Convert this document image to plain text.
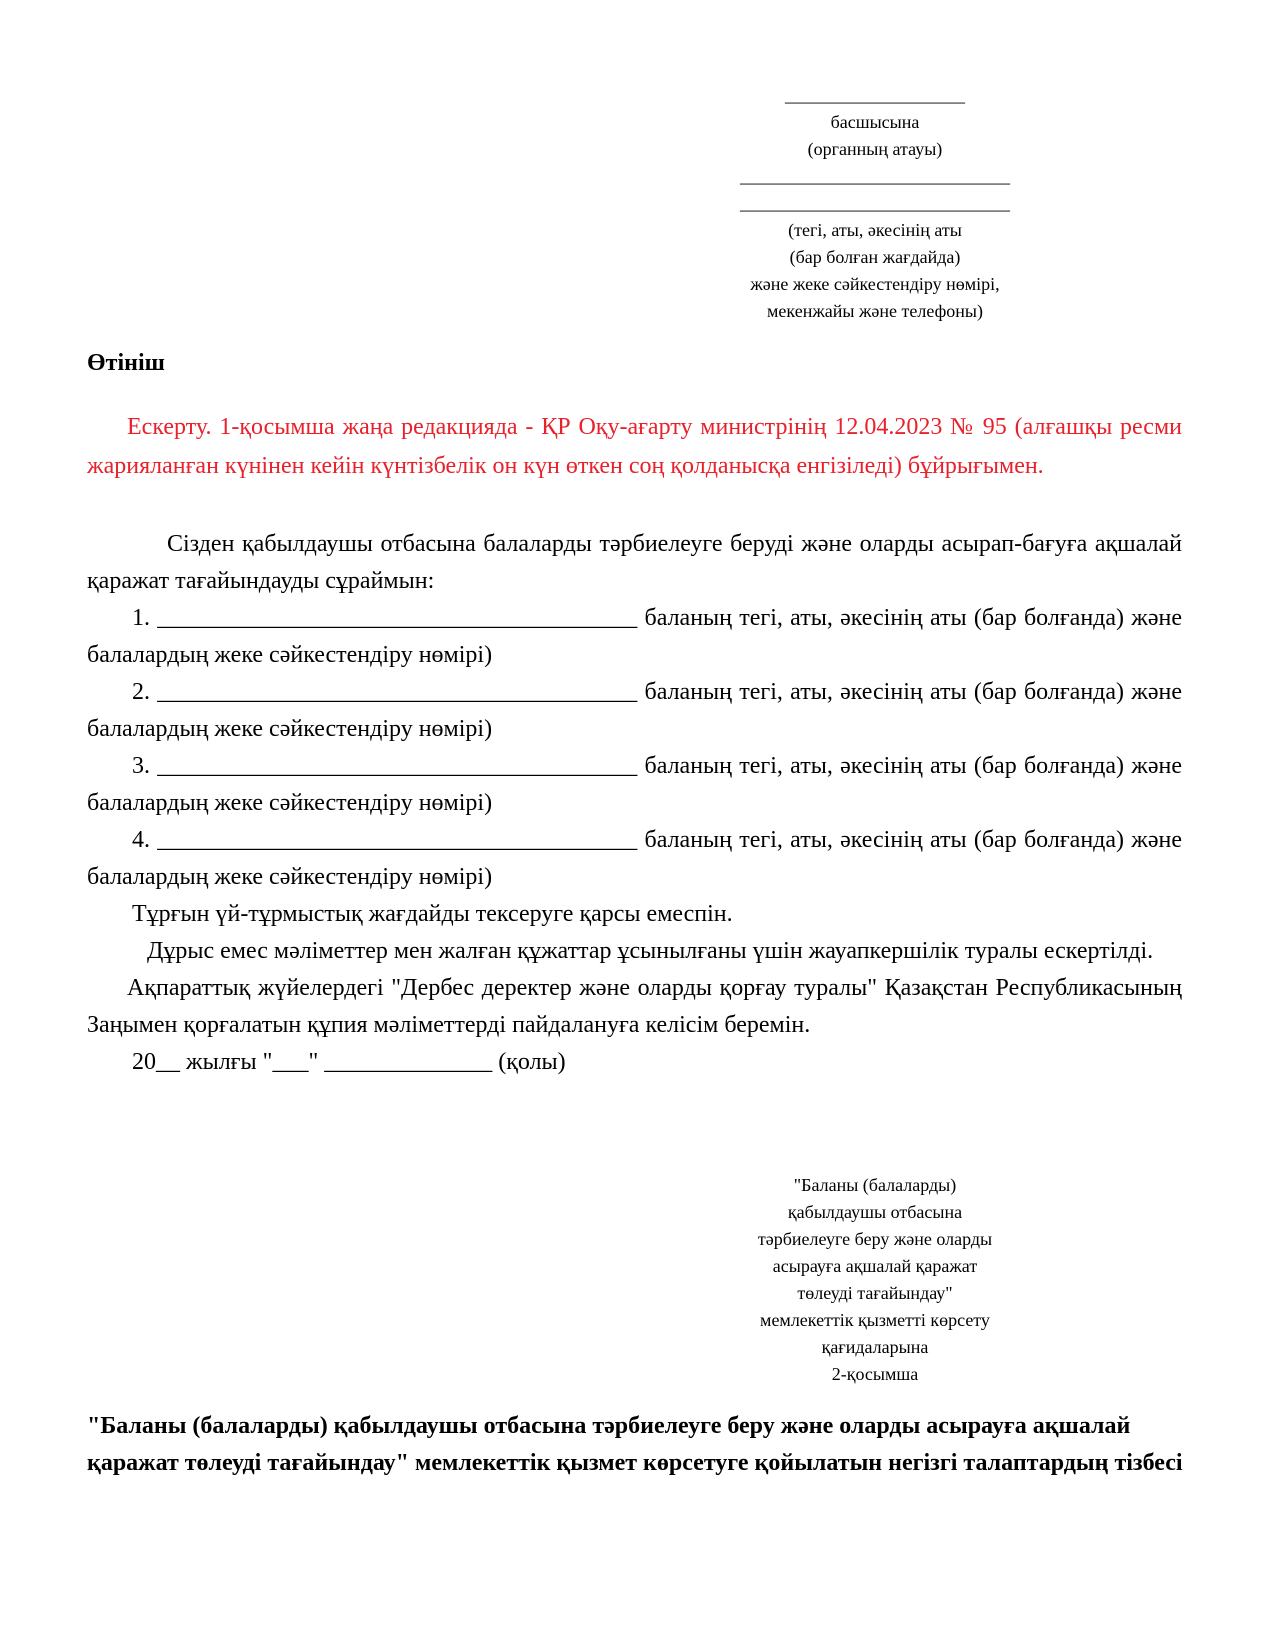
____________________
басшысына
(органның атауы)
______________________________
______________________________
(тегі, аты, әкесінің аты
(бар болған жағдайда)
және жеке сәйкестендіру нөмірі,
мекенжайы және телефоны)
Өтініш

Ескерту. 1-қосымша жаңа редакцияда - ҚР Оқу-ағарту министрінің 12.04.2023 № 95 (алғашқы ресми жарияланған күнінен кейін күнтізбелік он күн өткен соң қолданысқа енгізіледі) бұйрығымен.

Сізден қабылдаушы отбасына балаларды тәрбиелеуге беруді және оларды асырап-бағуға ақшалай қаражат тағайындауды сұраймын:

1. ________________________________________ баланың тегі, аты, әкесінің аты (бар болғанда) және балалардың жеке сәйкестендіру нөмірі)

2. ________________________________________ баланың тегі, аты, әкесінің аты (бар болғанда) және балалардың жеке сәйкестендіру нөмірі)

3. ________________________________________ баланың тегі, аты, әкесінің аты (бар болғанда) және балалардың жеке сәйкестендіру нөмірі)

4. ________________________________________ баланың тегі, аты, әкесінің аты (бар болғанда) және балалардың жеке сәйкестендіру нөмірі)

Тұрғын үй-тұрмыстық жағдайды тексеруге қарсы емеспін.

Дұрыс емес мәліметтер мен жалған құжаттар ұсынылғаны үшін жауапкершілік туралы ескертілді.

Ақпараттық жүйелердегі "Дербес деректер және оларды қорғау туралы" Қазақстан Республикасының Заңымен қорғалатын құпия мәліметтерді пайдалануға келісім беремін.

20__ жылғы "___" ______________ (қолы)

"Баланы (балаларды)
қабылдаушы отбасына
тәрбиелеуге беру және оларды
асырауға ақшалай қаражат
төлеуді тағайындау"
мемлекеттік қызметті көрсету
қағидаларына
2-қосымша
"Баланы (балаларды) қабылдаушы отбасына тәрбиелеуге беру және оларды асырауға ақшалай қаражат төлеуді тағайындау" мемлекеттік қызмет көрсетуге қойылатын негізгі талаптардың тізбесі
